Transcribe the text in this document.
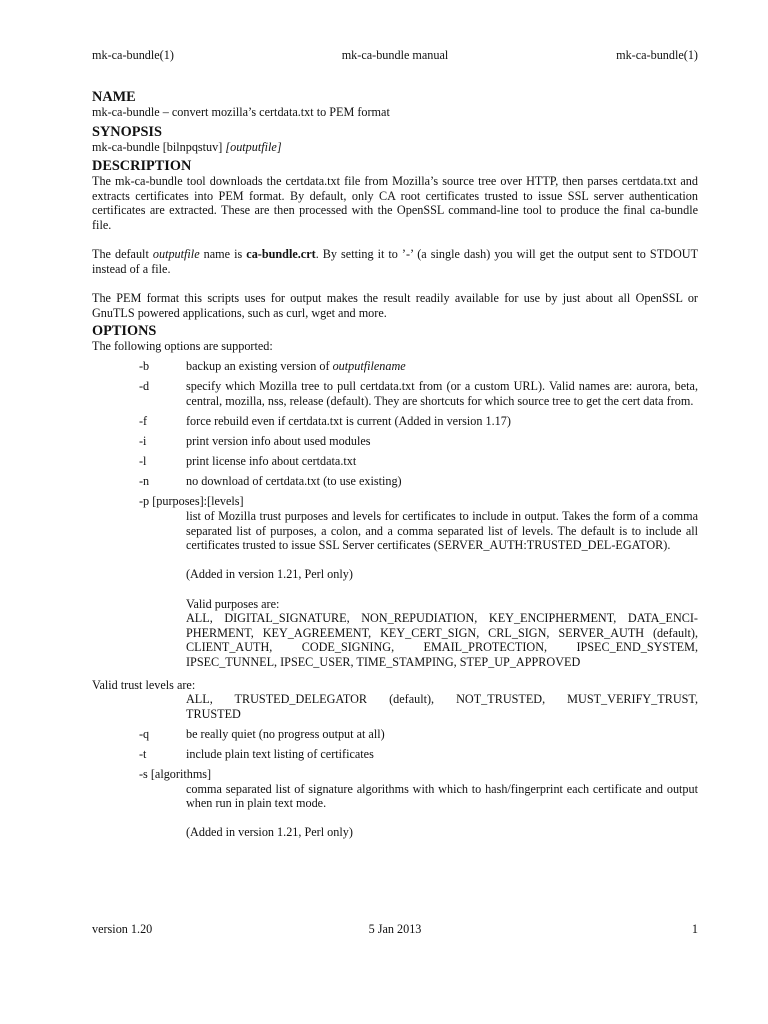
mk-ca-bundle(1)	mk-ca-bundle manual	mk-ca-bundle(1)
NAME
mk-ca-bundle – convert mozilla’s certdata.txt to PEM format
SYNOPSIS
mk-ca-bundle [bilnpqstuv] [outputfile]
DESCRIPTION
The mk-ca-bundle tool downloads the certdata.txt file from Mozilla’s source tree over HTTP, then parses certdata.txt and extracts certificates into PEM format. By default, only CA root certificates trusted to issue SSL server authentication certificates are extracted. These are then processed with the OpenSSL command-line tool to produce the final ca-bundle file.
The default outputfile name is ca-bundle.crt. By setting it to ’-’ (a single dash) you will get the output sent to STDOUT instead of a file.
The PEM format this scripts uses for output makes the result readily available for use by just about all OpenSSL or GnuTLS powered applications, such as curl, wget and more.
OPTIONS
The following options are supported:
-b	backup an existing version of outputfilename
-d	specify which Mozilla tree to pull certdata.txt from (or a custom URL). Valid names are: aurora, beta, central, mozilla, nss, release (default). They are shortcuts for which source tree to get the cert data from.
-f	force rebuild even if certdata.txt is current (Added in version 1.17)
-i	print version info about used modules
-l	print license info about certdata.txt
-n	no download of certdata.txt (to use existing)
-p [purposes]:[levels]
list of Mozilla trust purposes and levels for certificates to include in output. Takes the form of a comma separated list of purposes, a colon, and a comma separated list of levels. The default is to include all certificates trusted to issue SSL Server certificates (SERVER_AUTH:TRUSTED_DEL-EGATOR).
(Added in version 1.21, Perl only)
Valid purposes are:
ALL, DIGITAL_SIGNATURE, NON_REPUDIATION, KEY_ENCIPHERMENT, DATA_ENCI-
PHERMENT, KEY_AGREEMENT, KEY_CERT_SIGN, CRL_SIGN, SERVER_AUTH (default),
CLIENT_AUTH, CODE_SIGNING, EMAIL_PROTECTION, IPSEC_END_SYSTEM,
IPSEC_TUNNEL, IPSEC_USER, TIME_STAMPING, STEP_UP_APPROVED
Valid trust levels are:
ALL, TRUSTED_DELEGATOR (default), NOT_TRUSTED, MUST_VERIFY_TRUST,
TRUSTED
-q	be really quiet (no progress output at all)
-t	include plain text listing of certificates
-s [algorithms]
comma separated list of signature algorithms with which to hash/fingerprint each certificate and output when run in plain text mode.
(Added in version 1.21, Perl only)
version 1.20	5 Jan 2013	1
